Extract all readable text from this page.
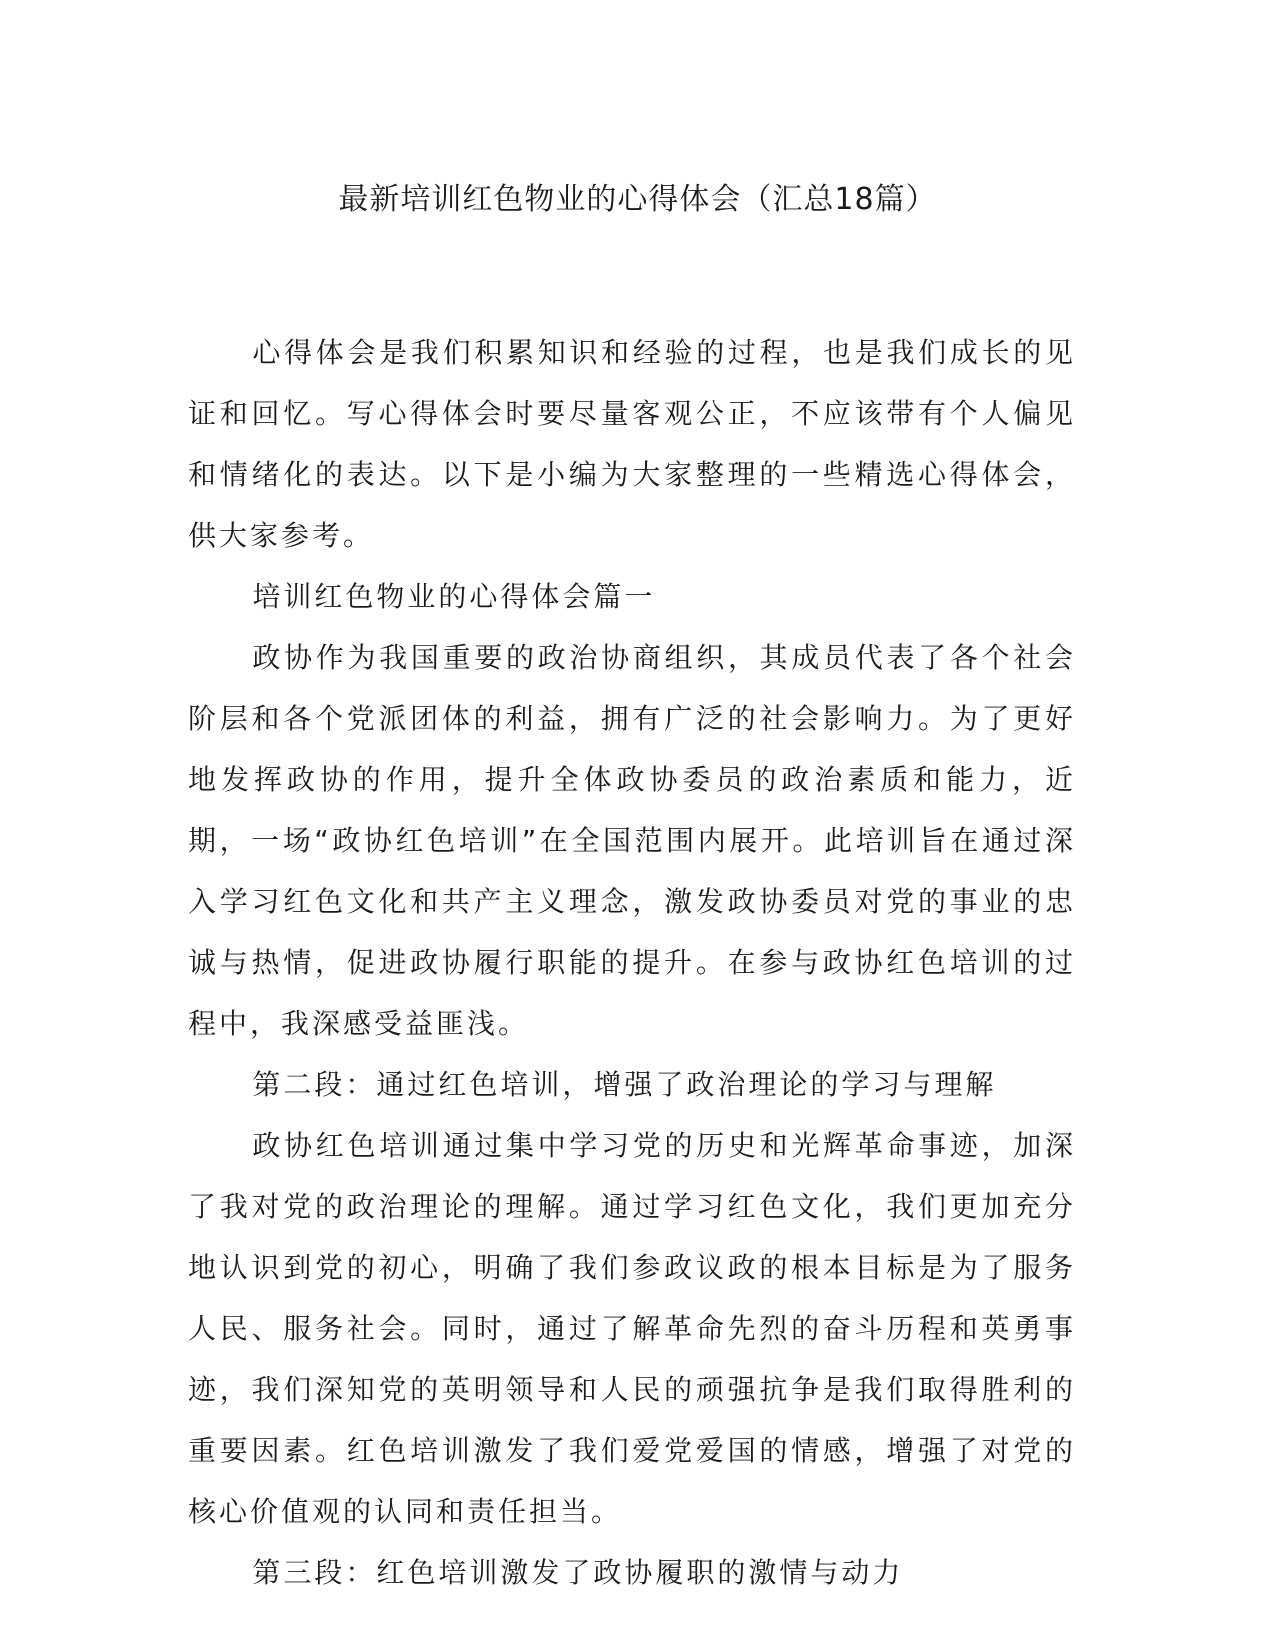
最新培训红色物业的心得体会（汇总18篇）

心得体会是我们积累知识和经验的过程，也是我们成长的见证和回忆。写心得体会时要尽量客观公正，不应该带有个人偏见和情绪化的表达。以下是小编为大家整理的一些精选心得体会，供大家参考。

培训红色物业的心得体会篇一

政协作为我国重要的政治协商组织，其成员代表了各个社会阶层和各个党派团体的利益，拥有广泛的社会影响力。为了更好地发挥政协的作用，提升全体政协委员的政治素质和能力，近期，一场“政协红色培训”在全国范围内展开。此培训旨在通过深入学习红色文化和共产主义理念，激发政协委员对党的事业的忠诚与热情，促进政协履行职能的提升。在参与政协红色培训的过程中，我深感受益匪浅。

第二段：通过红色培训，增强了政治理论的学习与理解

政协红色培训通过集中学习党的历史和光辉革命事迹，加深了我对党的政治理论的理解。通过学习红色文化，我们更加充分地认识到党的初心，明确了我们参政议政的根本目标是为了服务人民、服务社会。同时，通过了解革命先烈的奋斗历程和英勇事迹，我们深知党的英明领导和人民的顽强抗争是我们取得胜利的重要因素。红色培训激发了我们爱党爱国的情感，增强了对党的核心价值观的认同和责任担当。

第三段：红色培训激发了政协履职的激情与动力
